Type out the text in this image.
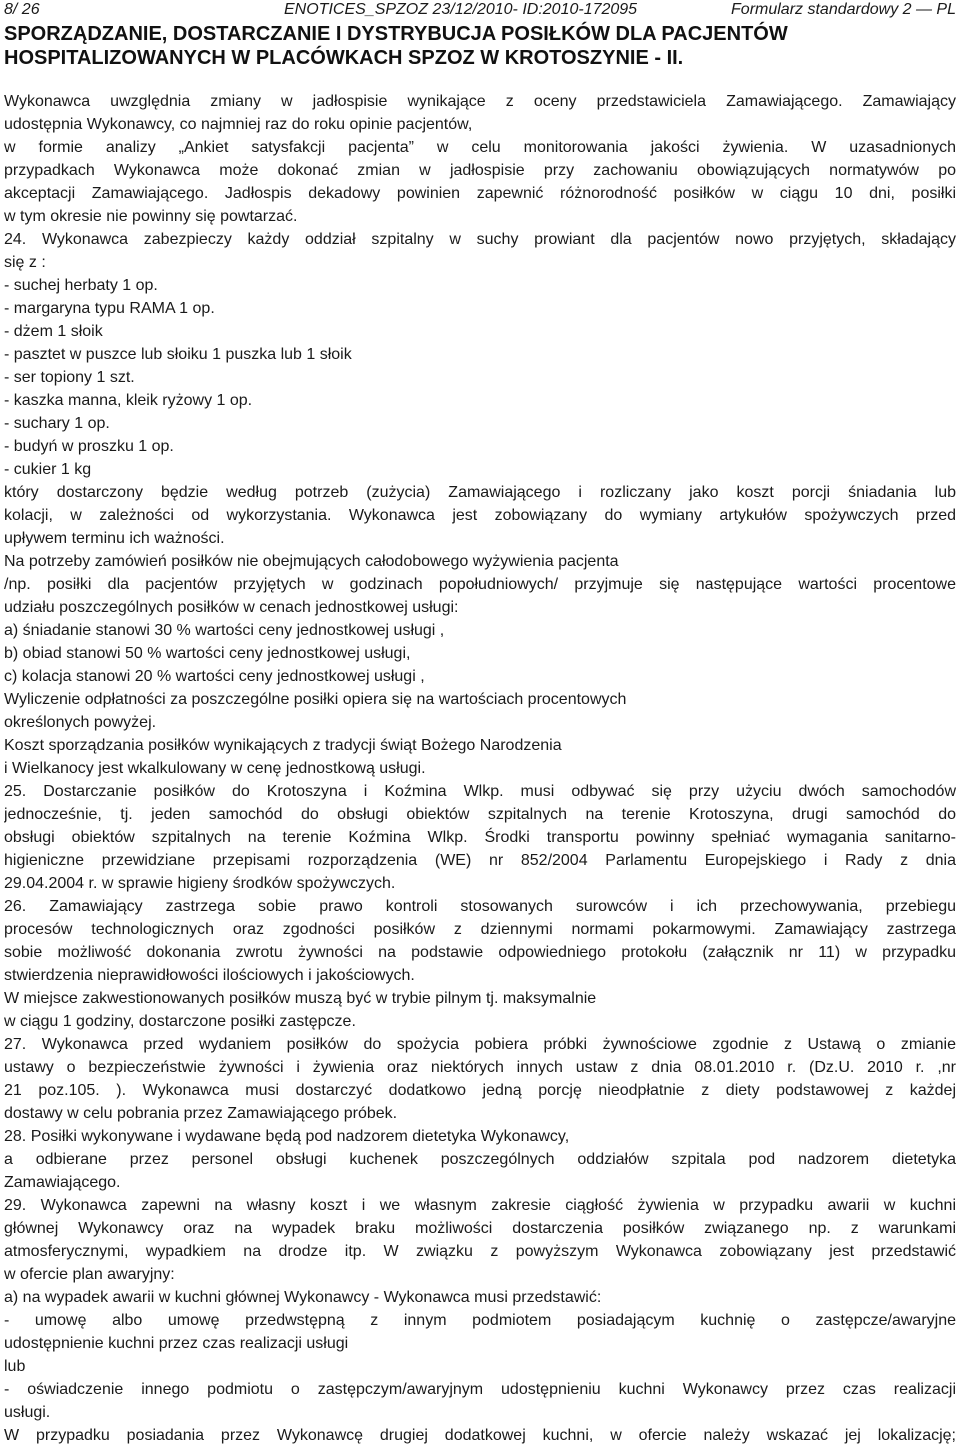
8/ 26	ENOTICES_SPZOZ 23/12/2010- ID:2010-172095	Formularz standardowy 2 — PL
SPORZĄDZANIE, DOSTARCZANIE I DYSTRYBUCJA POSIŁKÓW DLA PACJENTÓW
HOSPITALIZOWANYCH W PLACÓWKACH SPZOZ W KROTOSZYNIE - II.
Wykonawca uwzględnia zmiany w jadłospisie wynikające z oceny przedstawiciela Zamawiającego. Zamawiający
udostępnia Wykonawcy, co najmniej raz do roku opinie pacjentów,
w formie analizy „Ankiet satysfakcji pacjenta” w celu monitorowania jakości żywienia. W uzasadnionych
przypadkach Wykonawca może dokonać zmian w jadłospisie przy zachowaniu obowiązujących normatywów po
akceptacji Zamawiającego. Jadłospis dekadowy powinien zapewnić różnorodność posiłków w ciągu 10 dni, posiłki
w tym okresie nie powinny się powtarzać.
24. Wykonawca zabezpieczy każdy oddział szpitalny w suchy prowiant dla pacjentów nowo przyjętych, składający
się z :
- suchej herbaty 1 op.
- margaryna typu RAMA 1 op.
- dżem 1 słoik
- pasztet w puszce lub słoiku 1 puszka lub 1 słoik
- ser topiony 1 szt.
- kaszka manna, kleik ryżowy 1 op.
- suchary 1 op.
- budyń w proszku 1 op.
- cukier 1 kg
który dostarczony będzie według potrzeb (zużycia) Zamawiającego i rozliczany jako koszt porcji śniadania lub
kolacji, w zależności od wykorzystania. Wykonawca jest zobowiązany do wymiany artykułów spożywczych przed
upływem terminu ich ważności.
Na potrzeby zamówień posiłków nie obejmujących całodobowego wyżywienia pacjenta
/np. posiłki dla pacjentów przyjętych w godzinach popołudniowych/ przyjmuje się następujące wartości procentowe
udziału poszczególnych posiłków w cenach jednostkowej usługi:
a) śniadanie stanowi 30 % wartości ceny jednostkowej usługi ,
b) obiad stanowi 50 % wartości ceny jednostkowej usługi,
c) kolacja stanowi 20 % wartości ceny jednostkowej usługi ,
Wyliczenie odpłatności za poszczególne posiłki opiera się na wartościach procentowych
określonych powyżej.
Koszt sporządzania posiłków wynikających z tradycji świąt Bożego Narodzenia
i Wielkanocy jest wkalkulowany w cenę jednostkową usługi.
25. Dostarczanie posiłków do Krotoszyna i Koźmina Wlkp. musi odbywać się przy użyciu dwóch samochodów
jednocześnie, tj. jeden samochód do obsługi obiektów szpitalnych na terenie Krotoszyna, drugi samochód do
obsługi obiektów szpitalnych na terenie Koźmina Wlkp. Środki transportu powinny spełniać wymagania sanitarno-
higieniczne przewidziane przepisami rozporządzenia (WE) nr 852/2004 Parlamentu Europejskiego i Rady z dnia
29.04.2004 r. w sprawie higieny środków spożywczych.
26. Zamawiający zastrzega sobie prawo kontroli stosowanych surowców i ich przechowywania, przebiegu
procesów technologicznych oraz zgodności posiłków z dziennymi normami pokarmowymi. Zamawiający zastrzega
sobie możliwość dokonania zwrotu żywności na podstawie odpowiedniego protokołu (załącznik nr 11) w przypadku
stwierdzenia nieprawidłowości ilościowych i jakościowych.
W miejsce zakwestionowanych posiłków muszą być w trybie pilnym tj. maksymalnie
w ciągu 1 godziny, dostarczone posiłki zastępcze.
27. Wykonawca przed wydaniem posiłków do spożycia pobiera próbki żywnościowe zgodnie z Ustawą o zmianie
ustawy o bezpieczeństwie żywności i żywienia oraz niektórych innych ustaw z dnia 08.01.2010 r. (Dz.U. 2010 r. ,nr
21 poz.105. ). Wykonawca musi dostarczyć dodatkowo jedną porcję nieodpłatnie z diety podstawowej z każdej
dostawy w celu pobrania przez Zamawiającego próbek.
28. Posiłki wykonywane i wydawane będą pod nadzorem dietetyka Wykonawcy,
a odbierane przez personel obsługi kuchenek poszczególnych oddziałów szpitala pod nadzorem dietetyka
Zamawiającego.
29. Wykonawca zapewni na własny koszt i we własnym zakresie ciągłość żywienia w przypadku awarii w kuchni
głównej Wykonawcy oraz na wypadek braku możliwości dostarczenia posiłków związanego np. z warunkami
atmosferycznymi, wypadkiem na drodze itp. W związku z powyższym Wykonawca zobowiązany jest przedstawić
w ofercie plan awaryjny:
a) na wypadek awarii w kuchni głównej Wykonawcy - Wykonawca musi przedstawić:
- umowę albo umowę przedwstępną z innym podmiotem posiadającym kuchnię o zastępcze/awaryjne
udostępnienie kuchni przez czas realizacji usługi
lub
- oświadczenie innego podmiotu o zastępczym/awaryjnym udostępnieniu kuchni Wykonawcy przez czas realizacji
usługi.
W przypadku posiadania przez Wykonawcę drugiej dodatkowej kuchni, w ofercie należy wskazać jej lokalizację;
